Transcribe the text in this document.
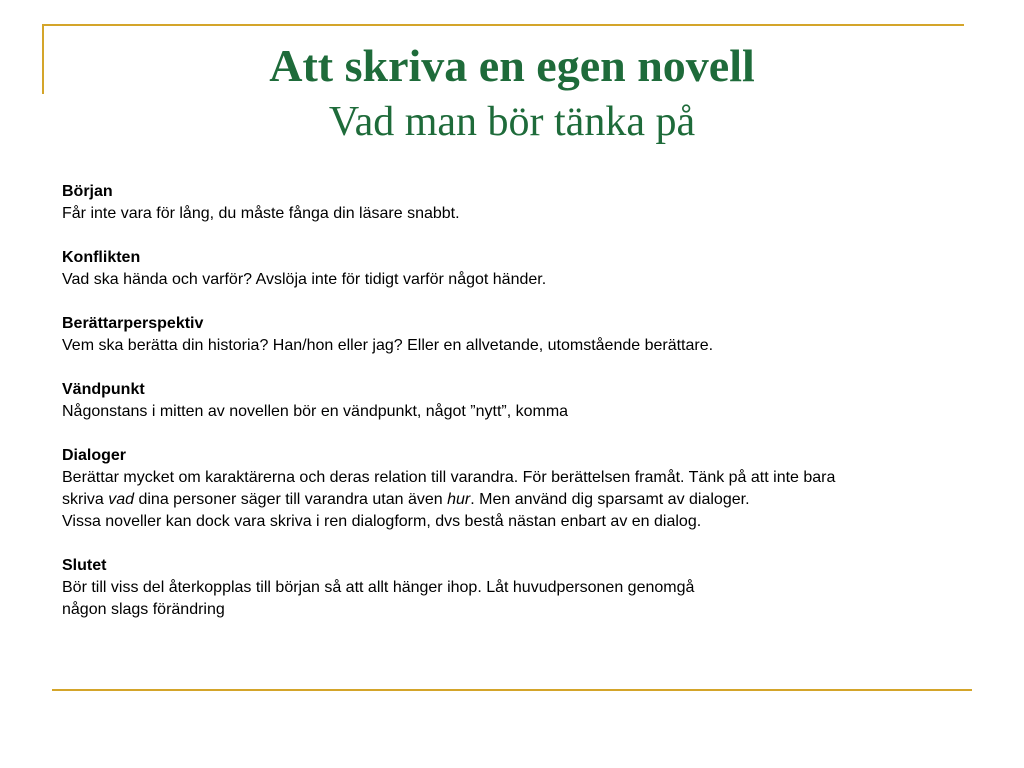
Att skriva en egen novell
Vad man bör tänka på
Början
Får inte vara för lång, du måste fånga din läsare snabbt.
Konflikten
Vad ska hända och varför? Avslöja inte för tidigt varför något händer.
Berättarperspektiv
Vem ska berätta din historia? Han/hon eller jag? Eller en allvetande, utomstående berättare.
Vändpunkt
Någonstans i mitten av novellen bör en vändpunkt, något ”nytt”, komma
Dialoger
Berättar mycket om karaktärerna och deras relation till varandra. För berättelsen framåt. Tänk på att inte bara
skriva vad dina personer säger till varandra utan även hur. Men använd dig sparsamt av dialoger.
Vissa noveller kan dock vara skriva i ren dialogform, dvs bestå nästan enbart av en dialog.
Slutet
Bör till viss del återkopplas till början så att allt hänger ihop. Låt huvudpersonen genomgå
någon slags förändring
